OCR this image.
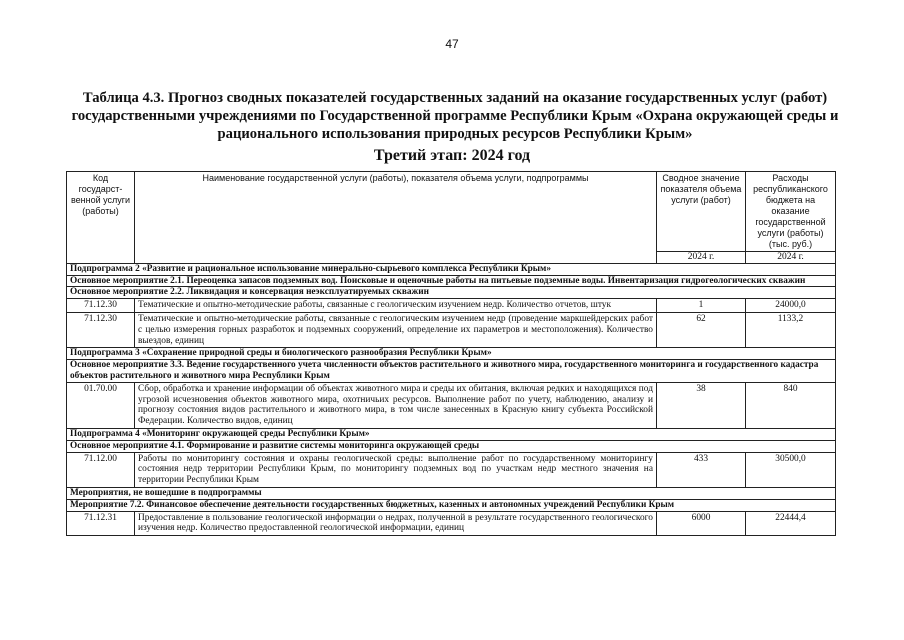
47
Таблица 4.3. Прогноз сводных показателей государственных заданий на оказание государственных услуг (работ) государственными учреждениями по Государственной программе Республики Крым «Охрана окружающей среды и рационального использования природных ресурсов Республики Крым»
Третий этап: 2024 год
Код государст-венной услуги (работы)	Наименование государственной услуги (работы), показателя объема услуги, подпрограммы	Сводное значение показателя объема услуги (работ)	Расходы республиканского бюджета на оказание государственной услуги (работы) (тыс. руб.)
		2024 г.	2024 г.
Подпрограмма 2 «Развитие и рациональное использование минерально-сырьевого комплекса Республики Крым»			
Основное мероприятие 2.1. Переоценка запасов подземных вод. Поисковые и оценочные работы на питьевые подземные воды. Инвентаризация гидрогеологических скважин			
Основное мероприятие 2.2. Ликвидация и консервация неэксплуатируемых скважин			
71.12.30	Тематические и опытно-методические работы, связанные с геологическим изучением недр. Количество отчетов, штук	1	24000,0
71.12.30	Тематические и опытно-методические работы, связанные с геологическим изучением недр (проведение маркшейдерских работ с целью измерения горных разработок и подземных сооружений, определение их параметров и местоположения). Количество выездов, единиц	62	1133,2
Подпрограмма 3 «Сохранение природной среды и биологического разнообразия Республики Крым»			
Основное мероприятие 3.3. Ведение государственного учета численности объектов растительного и животного мира, государственного мониторинга и государственного кадастра объектов растительного и животного мира Республики Крым			
01.70.00	Сбор, обработка и хранение информации об объектах животного мира и среды их обитания, включая редких и находящихся под угрозой исчезновения объектов животного мира, охотничьих ресурсов. Выполнение работ по учету, наблюдению, анализу и прогнозу состояния видов растительного и животного мира, в том числе занесенных в Красную книгу субъекта Российской Федерации. Количество видов, единиц	38	840
Подпрограмма 4 «Мониторинг окружающей среды Республики Крым»			
Основное мероприятие 4.1. Формирование и развитие системы мониторинга окружающей среды			
71.12.00	Работы по мониторингу состояния и охраны геологической среды: выполнение работ по государственному мониторингу состояния недр территории Республики Крым, по мониторингу подземных вод по участкам недр местного значения на территории Республики Крым	433	30500,0
Мероприятия, не вошедшие в подпрограммы			
Мероприятие 7.2. Финансовое обеспечение деятельности государственных бюджетных, казенных и автономных учреждений Республики Крым			
71.12.31	Предоставление в пользование геологической информации о недрах, полученной в результате государственного геологического изучения недр. Количество предоставленной геологической информации, единиц	6000	22444,4
